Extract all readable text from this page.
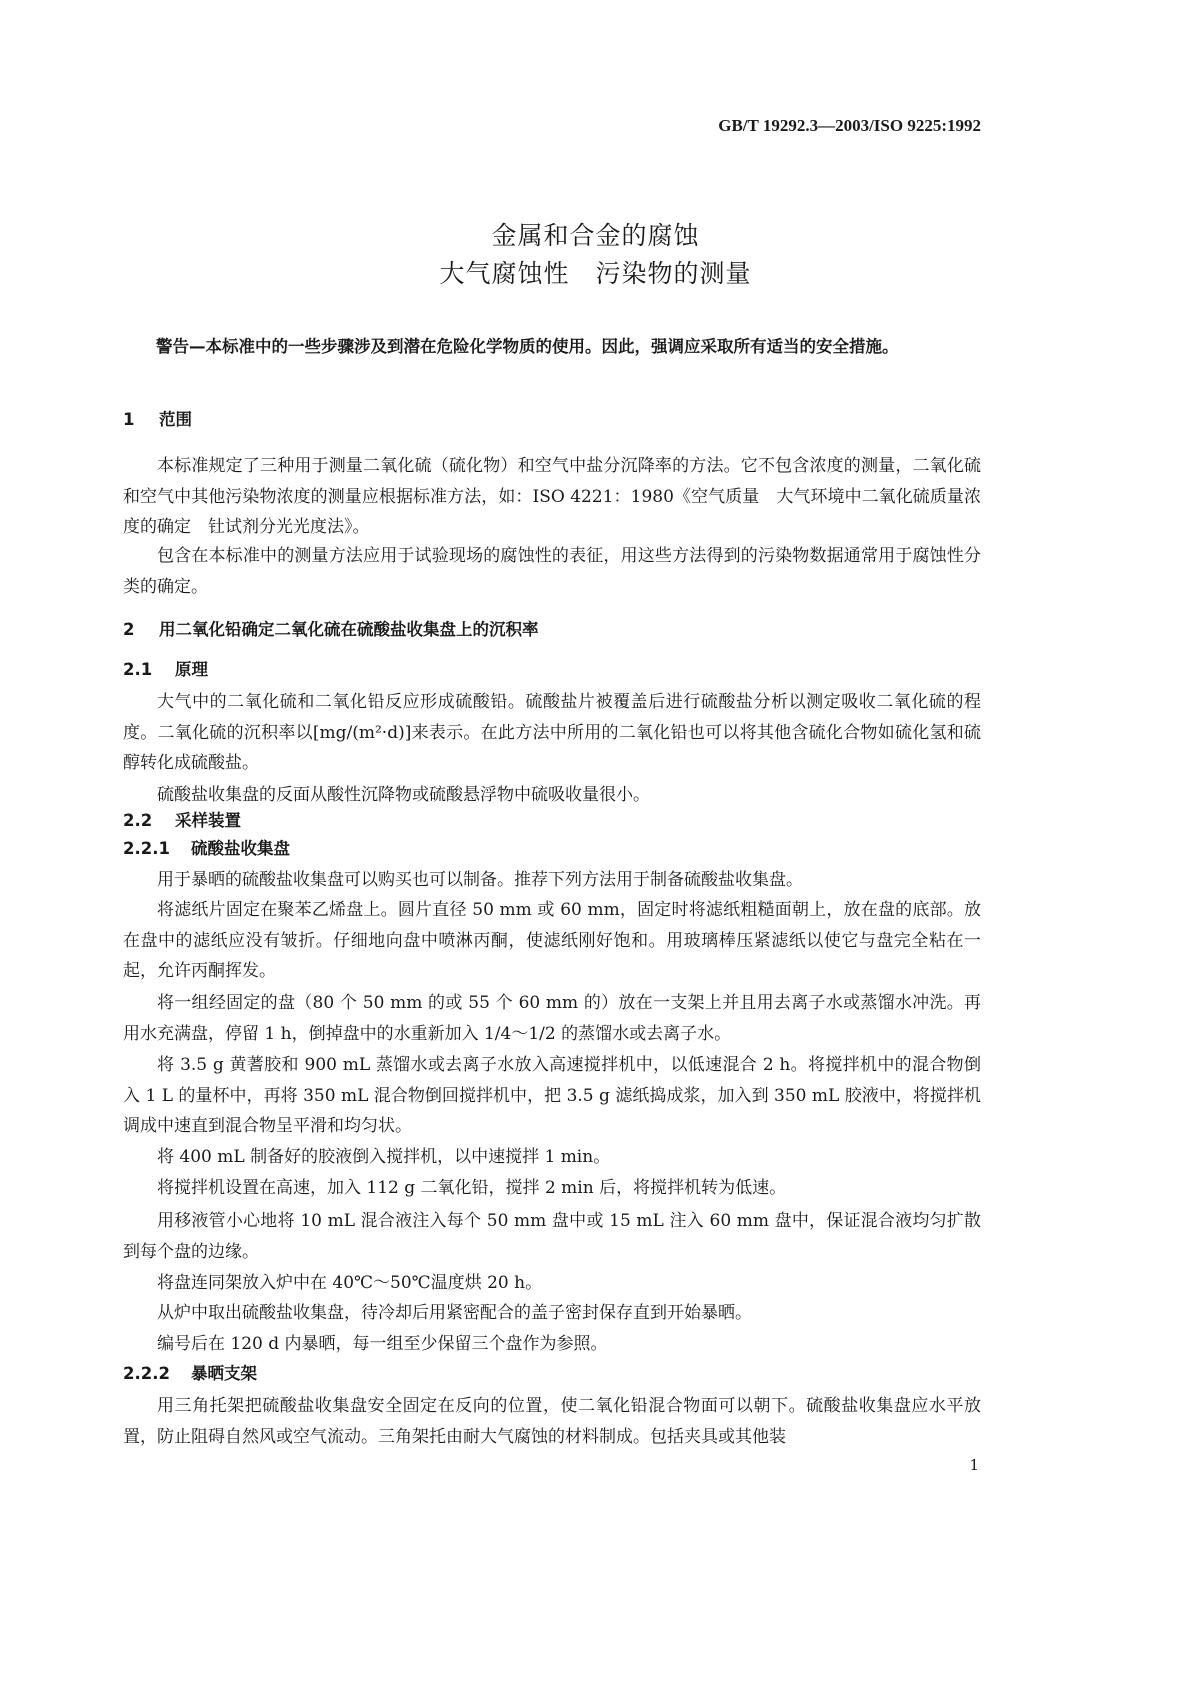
GB/T 19292.3—2003/ISO 9225:1992
金属和合金的腐蚀
大气腐蚀性　污染物的测量
警告—本标准中的一些步骤涉及到潜在危险化学物质的使用。因此，强调应采取所有适当的安全措施。
1 范围
本标准规定了三种用于测量二氧化硫（硫化物）和空气中盐分沉降率的方法。它不包含浓度的测量，二氧化硫和空气中其他污染物浓度的测量应根据标准方法，如：ISO 4221：1980《空气质量　大气环境中二氧化硫质量浓度的确定　钍试剂分光光度法》。
包含在本标准中的测量方法应用于试验现场的腐蚀性的表征，用这些方法得到的污染物数据通常用于腐蚀性分类的确定。
2 用二氧化铅确定二氧化硫在硫酸盐收集盘上的沉积率
2.1 原理
大气中的二氧化硫和二氧化铅反应形成硫酸铅。硫酸盐片被覆盖后进行硫酸盐分析以测定吸收二氧化硫的程度。二氧化硫的沉积率以[mg/(m²·d)]来表示。在此方法中所用的二氧化铅也可以将其他含硫化合物如硫化氢和硫醇转化成硫酸盐。
硫酸盐收集盘的反面从酸性沉降物或硫酸悬浮物中硫吸收量很小。
2.2 采样装置
2.2.1 硫酸盐收集盘
用于暴晒的硫酸盐收集盘可以购买也可以制备。推荐下列方法用于制备硫酸盐收集盘。
将滤纸片固定在聚苯乙烯盘上。圆片直径 50 mm 或 60 mm，固定时将滤纸粗糙面朝上，放在盘的底部。放在盘中的滤纸应没有皱折。仔细地向盘中喷淋丙酮，使滤纸刚好饱和。用玻璃棒压紧滤纸以使它与盘完全粘在一起，允许丙酮挥发。
将一组经固定的盘（80 个 50 mm 的或 55 个 60 mm 的）放在一支架上并且用去离子水或蒸馏水冲洗。再用水充满盘，停留 1 h，倒掉盘中的水重新加入 1/4～1/2 的蒸馏水或去离子水。
将 3.5 g 黄蓍胶和 900 mL 蒸馏水或去离子水放入高速搅拌机中，以低速混合 2 h。将搅拌机中的混合物倒入 1 L 的量杯中，再将 350 mL 混合物倒回搅拌机中，把 3.5 g 滤纸捣成浆，加入到 350 mL 胶液中，将搅拌机调成中速直到混合物呈平滑和均匀状。
将 400 mL 制备好的胶液倒入搅拌机，以中速搅拌 1 min。
将搅拌机设置在高速，加入 112 g 二氧化铅，搅拌 2 min 后，将搅拌机转为低速。
用移液管小心地将 10 mL 混合液注入每个 50 mm 盘中或 15 mL 注入 60 mm 盘中，保证混合液均匀扩散到每个盘的边缘。
将盘连同架放入炉中在 40℃～50℃温度烘 20 h。
从炉中取出硫酸盐收集盘，待冷却后用紧密配合的盖子密封保存直到开始暴晒。
编号后在 120 d 内暴晒，每一组至少保留三个盘作为参照。
2.2.2 暴晒支架
用三角托架把硫酸盐收集盘安全固定在反向的位置，使二氧化铅混合物面可以朝下。硫酸盐收集盘应水平放置，防止阻碍自然风或空气流动。三角架托由耐大气腐蚀的材料制成。包括夹具或其他装
1
